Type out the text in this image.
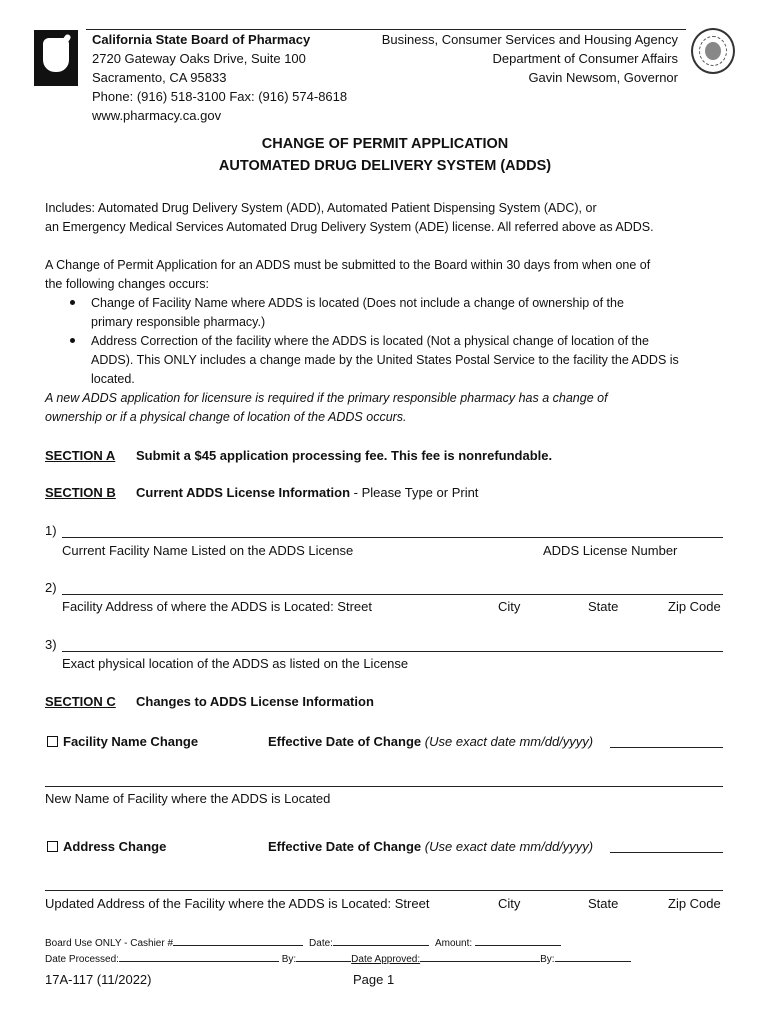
California State Board of Pharmacy
2720 Gateway Oaks Drive, Suite 100
Sacramento, CA 95833
Phone: (916) 518-3100 Fax: (916) 574-8618
www.pharmacy.ca.gov
Business, Consumer Services and Housing Agency
Department of Consumer Affairs
Gavin Newsom, Governor
CHANGE OF PERMIT APPLICATION
AUTOMATED DRUG DELIVERY SYSTEM (ADDS)
Includes: Automated Drug Delivery System (ADD), Automated Patient Dispensing System (ADC), or
an Emergency Medical Services Automated Drug Delivery System (ADE) license. All referred above as ADDS.
A Change of Permit Application for an ADDS must be submitted to the Board within 30 days from when one of
the following changes occurs:
Change of Facility Name where ADDS is located (Does not include a change of ownership of the
primary responsible pharmacy.)
Address Correction of the facility where the ADDS is located (Not a physical change of location of the
ADDS). This ONLY includes a change made by the United States Postal Service to the facility the ADDS is
located.
A new ADDS application for licensure is required if the primary responsible pharmacy has a change of
ownership or if a physical change of location of the ADDS occurs.
SECTION A Submit a $45 application processing fee. This fee is nonrefundable.
SECTION B Current ADDS License Information - Please Type or Print
1)
Current Facility Name Listed on the ADDS License	ADDS License Number
2)
Facility Address of where the ADDS is Located: Street	City	State	Zip Code
3)
Exact physical location of the ADDS as listed on the License
SECTION C Changes to ADDS License Information
Facility Name Change	Effective Date of Change (Use exact date mm/dd/yyyy)
New Name of Facility where the ADDS is Located
Address Change	Effective Date of Change (Use exact date mm/dd/yyyy)
Updated Address of the Facility where the ADDS is Located: Street	City	State	Zip Code
Board Use ONLY - Cashier #	Date:	Amount:
Date Processed:	By:	Date Approved:	By:
17A-117 (11/2022)	Page 1
